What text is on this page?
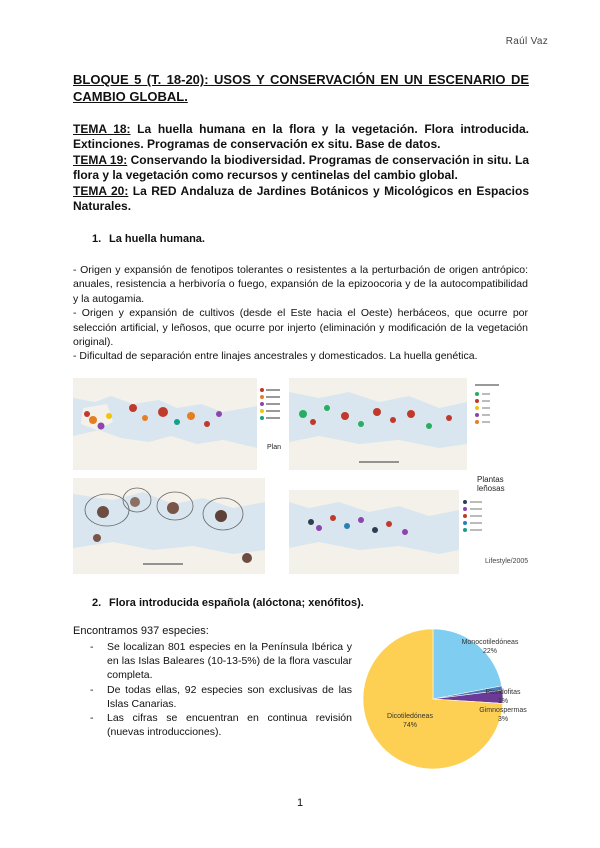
Raúl Vaz
BLOQUE 5 (T. 18-20): USOS Y CONSERVACIÓN EN UN ESCENARIO DE CAMBIO GLOBAL.

TEMA 18: La huella humana en la flora y la vegetación. Flora introducida. Extinciones. Programas de conservación ex situ. Base de datos.

TEMA 19: Conservando la biodiversidad. Programas de conservación in situ. La flora y la vegetación como recursos y centinelas del cambio global.

TEMA 20: La RED Andaluza de Jardines Botánicos y Micológicos en Espacios Naturales.

1. La huella humana.

- Origen y expansión de fenotipos tolerantes o resistentes a la perturbación de origen antrópico: anuales, resistencia a herbivoría o fuego, expansión de la epizoocoria y de la autocompatibilidad y la autogamia.

- Origen y expansión de cultivos (desde el Este hacia el Oeste) herbáceos, que ocurre por selección artificial, y leñosos, que ocurre por injerto (eliminación y modificación de la vegetación original).

- Dificultad de separación entre linajes ancestrales y domesticados. La huella genética.

Plan
Plantas leñosas
Lifestyle/2005
2. Flora introducida española (alóctona; xenófitos).
Encontramos 937 especies:
- Se localizan 801 especies en la Península Ibérica y en las Islas Baleares (10-13-5%) de la flora vascular completa.
- De todas ellas, 92 especies son exclusivas de las Islas Canarias.
- Las cifras se encuentran en continua revisión (nuevas introducciones).
Monocotiledóneas
22%
Pteridofitas
1%
Gimnospermas
3%
Dicotiledóneas
74%
1
